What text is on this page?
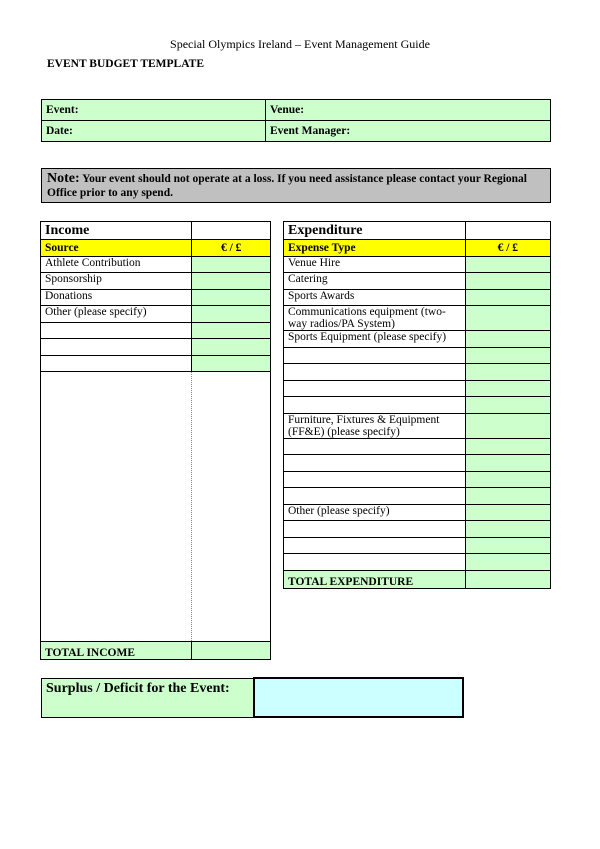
Special Olympics Ireland – Event Management Guide
EVENT BUDGET TEMPLATE
Event:	Venue:
Date:	Event Manager:
Note: Your event should not operate at a loss. If you need assistance please contact your Regional Office prior to any spend.
Income	
Source	€ / £
Athlete Contribution	
Sponsorship	
Donations	
Other (please specify)	

TOTAL INCOME	
Expenditure	
Expense Type	€ / £
Venue Hire	
Catering	
Sports Awards	
Communications equipment (two-way radios/PA System)	
Sports Equipment (please specify)	

Furniture, Fixtures & Equipment (FF&E) (please specify)	

Other (please specify)	

TOTAL EXPENDITURE	
Surplus / Deficit for the Event:	
